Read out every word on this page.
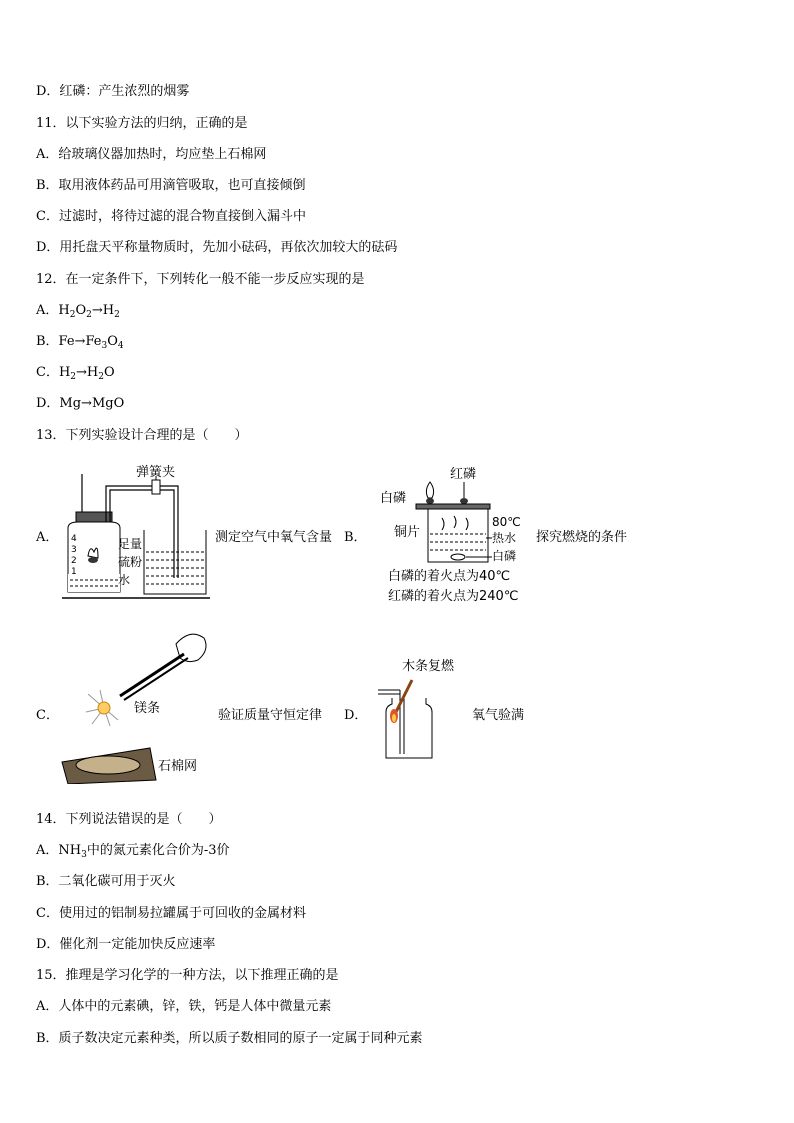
D．红磷：产生浓烈的烟雾
11．以下实验方法的归纳，正确的是
A．给玻璃仪器加热时，均应垫上石棉网
B．取用液体药品可用滴管吸取，也可直接倾倒
C．过滤时，将待过滤的混合物直接倒入漏斗中
D．用托盘天平称量物质时，先加小砝码，再依次加较大的砝码
12．在一定条件下，下列转化一般不能一步反应实现的是
A．$H_2O_2\to H_2$
B．$Fe\to Fe_3O_4$
C．$H_2\to H_2O$
D．Mg→MgO
13．下列实验设计合理的是（　　）
A．
弹簧夹
4
3
2
1
足量
硫粉
水
测定空气中氧气含量 B．
红磷
白磷
铜片
80℃
热水
白磷
白磷的着火点为40℃
红磷的着火点为240℃
探究燃烧的条件
C．	镁条
石棉网
验证质量守恒定律 D．
木条复燃
氧气验满
14．下列说法错误的是（　　）
A．$NH_3$中的氮元素化合价为-3价
B．二氧化碳可用于灭火
C．使用过的铝制易拉罐属于可回收的金属材料
D．催化剂一定能加快反应速率
15．推理是学习化学的一种方法，以下推理正确的是
A．人体中的元素碘，锌，铁，钙是人体中微量元素
B．质子数决定元素种类，所以质子数相同的原子一定属于同种元素
